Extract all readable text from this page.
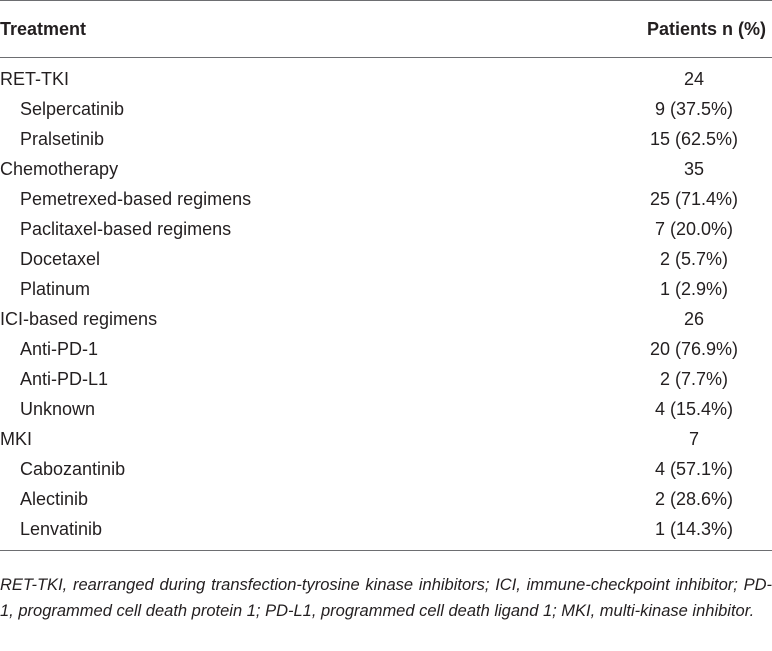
Treatment	Patients n (%)
RET-TKI	24
Selpercatinib	9 (37.5%)
Pralsetinib	15 (62.5%)
Chemotherapy	35
Pemetrexed-based regimens	25 (71.4%)
Paclitaxel-based regimens	7 (20.0%)
Docetaxel	2 (5.7%)
Platinum	1 (2.9%)
ICI-based regimens	26
Anti-PD-1	20 (76.9%)
Anti-PD-L1	2 (7.7%)
Unknown	4 (15.4%)
MKI	7
Cabozantinib	4 (57.1%)
Alectinib	2 (28.6%)
Lenvatinib	1 (14.3%)
RET-TKI, rearranged during transfection-tyrosine kinase inhibitors; ICI, immune-checkpoint inhibitor; PD-1, programmed cell death protein 1; PD-L1, programmed cell death ligand 1; MKI, multi-kinase inhibitor.
